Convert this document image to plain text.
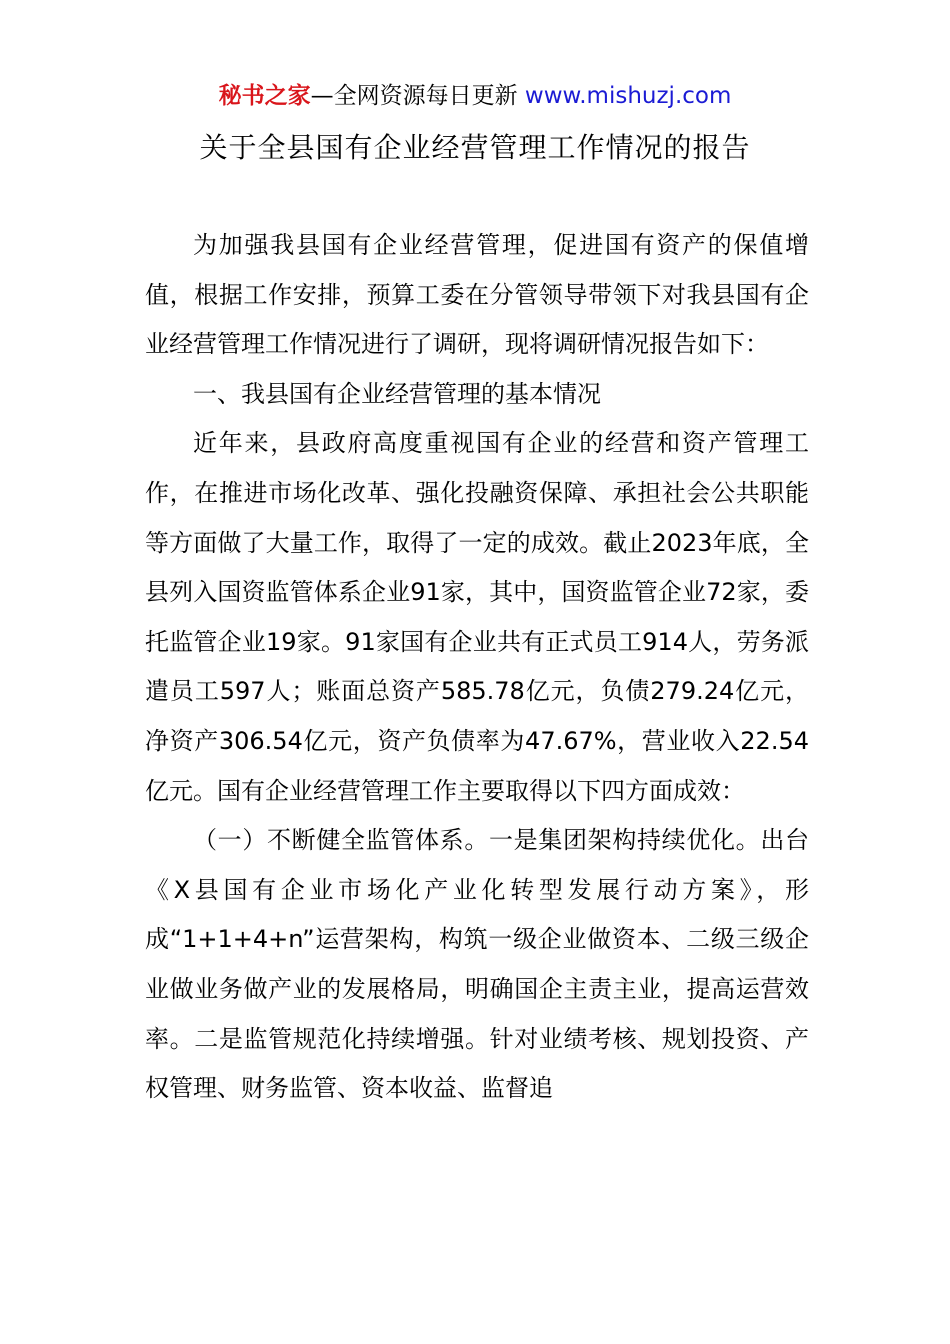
秘书之家—全网资源每日更新 www.mishuzj.com
关于全县国有企业经营管理工作情况的报告

为加强我县国有企业经营管理，促进国有资产的保值增值，根据工作安排，预算工委在分管领导带领下对我县国有企业经营管理工作情况进行了调研，现将调研情况报告如下：

一、我县国有企业经营管理的基本情况

近年来，县政府高度重视国有企业的经营和资产管理工作，在推进市场化改革、强化投融资保障、承担社会公共职能等方面做了大量工作，取得了一定的成效。截止2023年底，全县列入国资监管体系企业91家，其中，国资监管企业72家，委托监管企业19家。91家国有企业共有正式员工914人，劳务派遣员工597人；账面总资产585.78亿元，负债279.24亿元，净资产306.54亿元，资产负债率为47.67%，营业收入22.54亿元。国有企业经营管理工作主要取得以下四方面成效：

（一）不断健全监管体系。一是集团架构持续优化。出台《X县国有企业市场化产业化转型发展行动方案》，形成“1+1+4+n”运营架构，构筑一级企业做资本、二级三级企业做业务做产业的发展格局，明确国企主责主业，提高运营效率。二是监管规范化持续增强。针对业绩考核、规划投资、产权管理、财务监管、资本收益、监督追
